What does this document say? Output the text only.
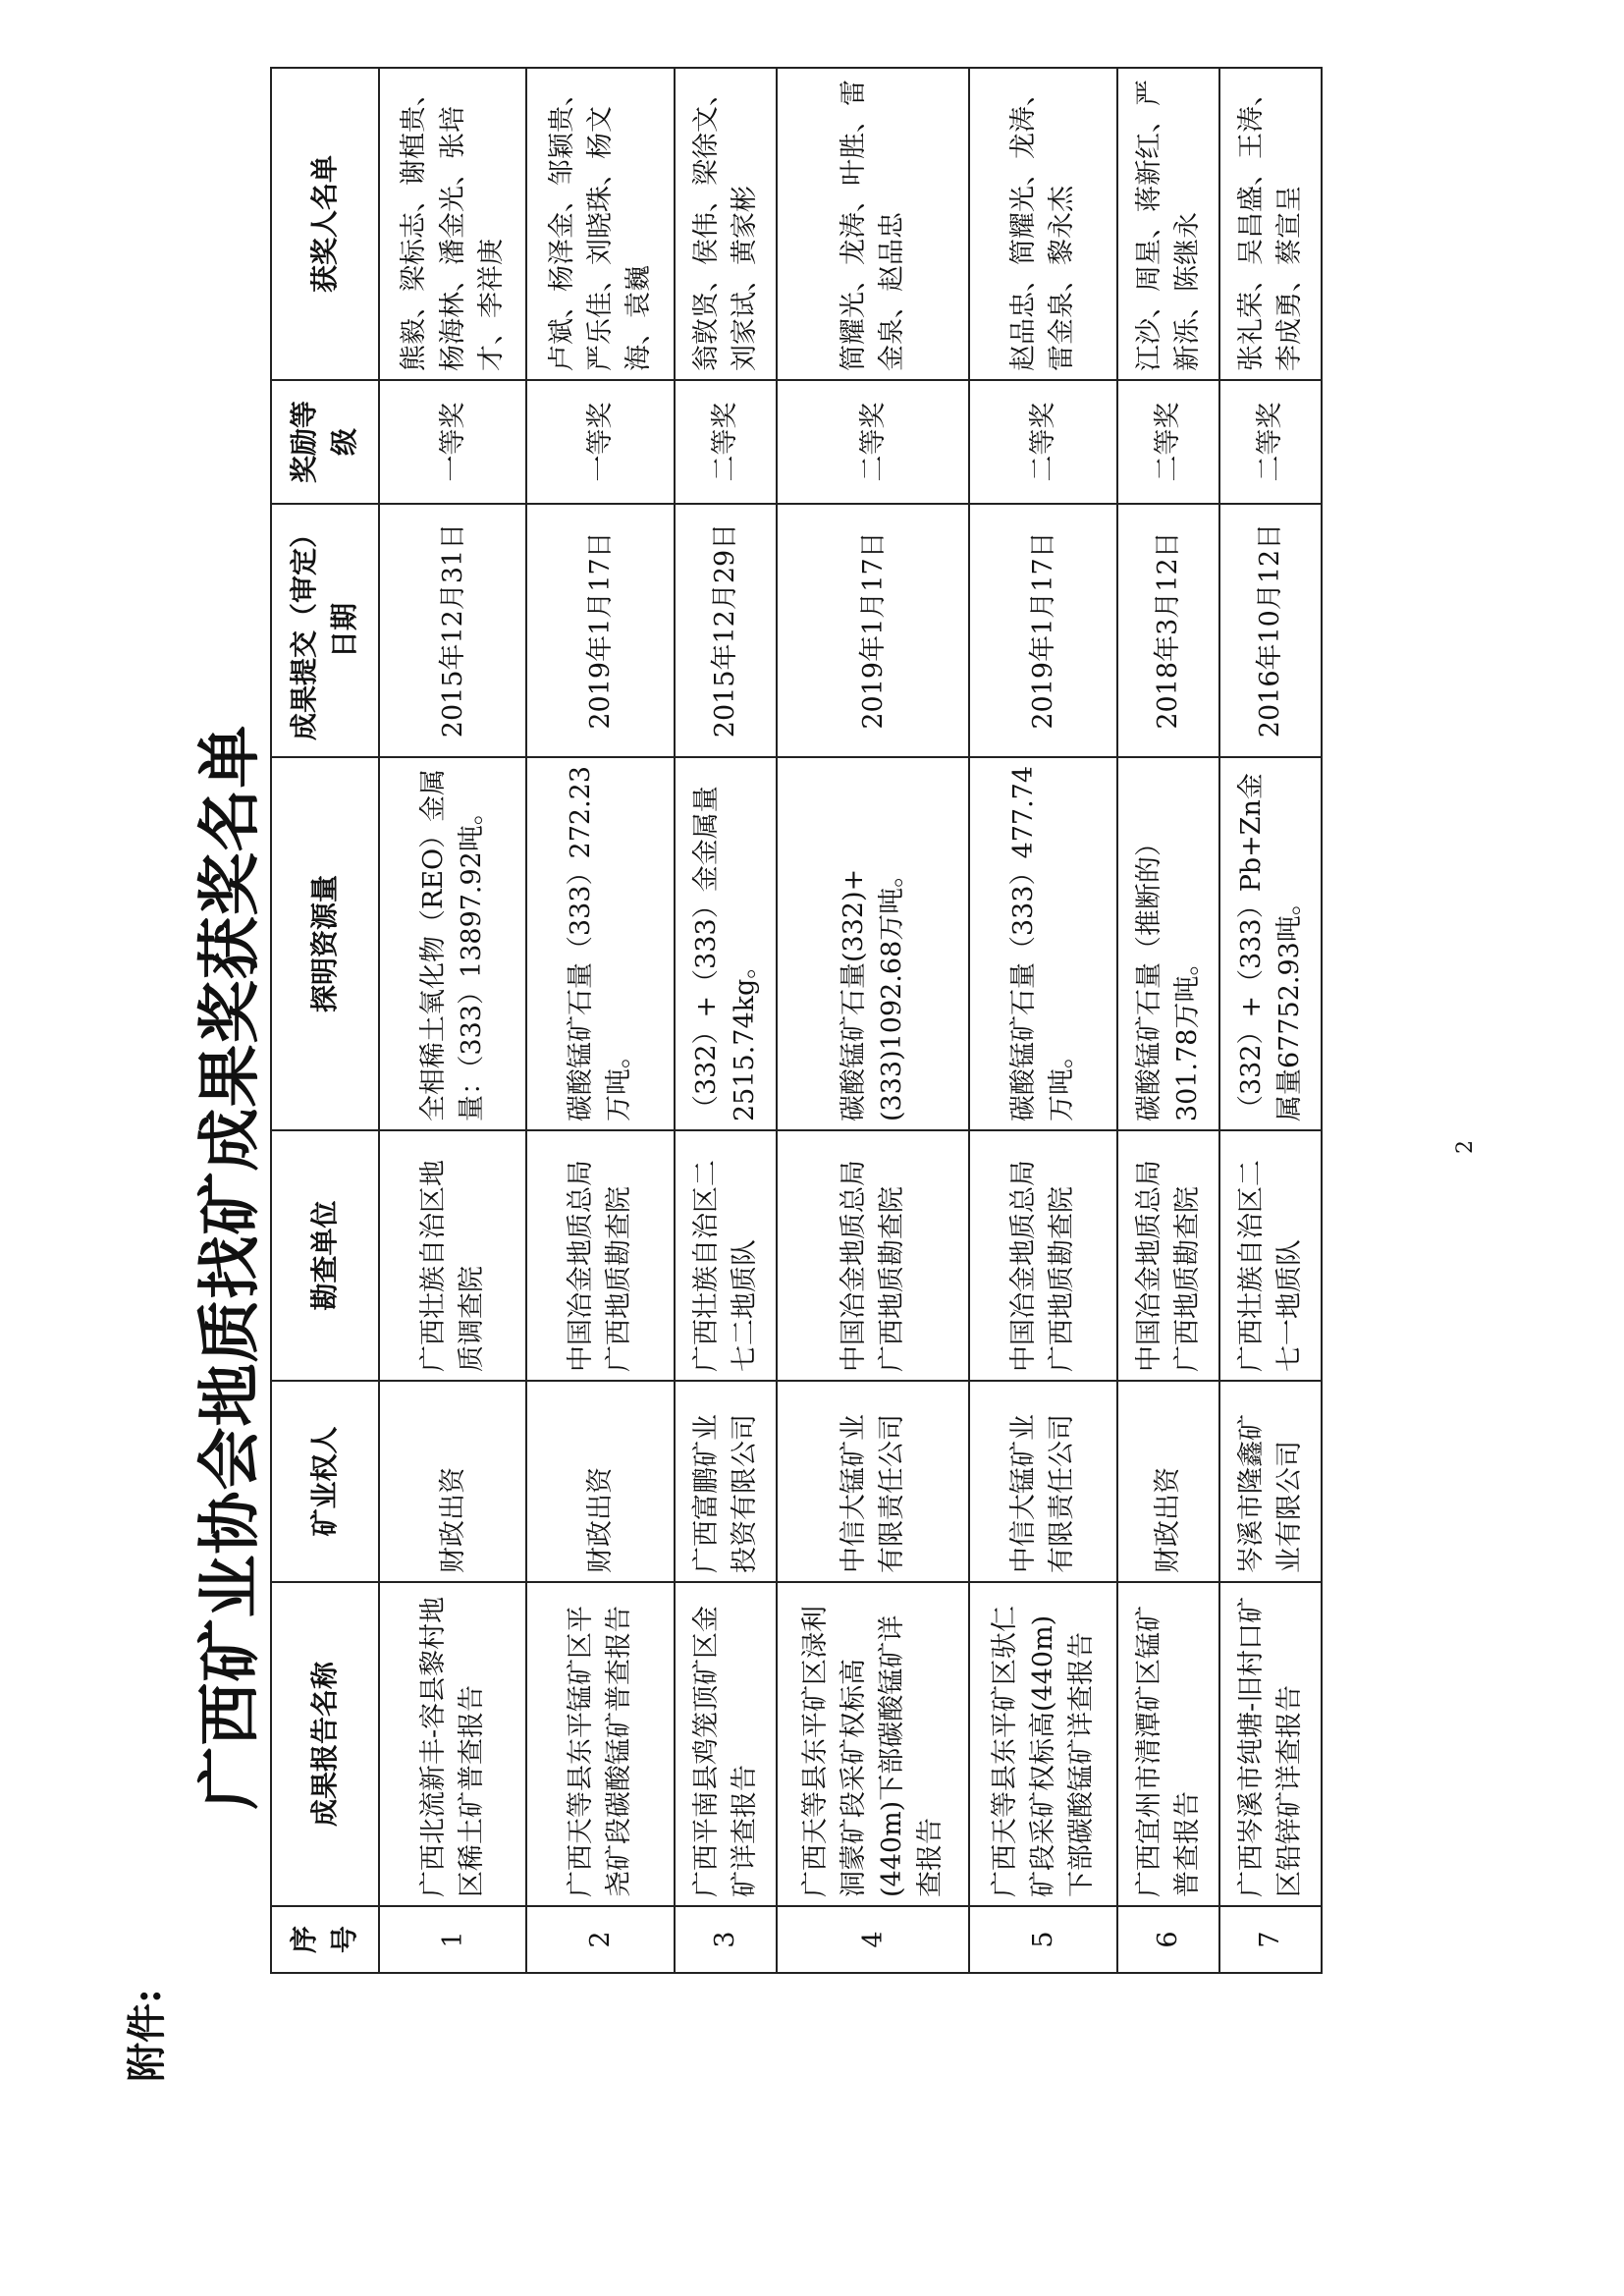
附件:
广西矿业协会地质找矿成果奖获奖名单	2
序号	成果报告名称	矿业权人	勘查单位	探明资源量	成果提交（审定）日期	奖励等级	获奖人名单
1	广西北流新丰-容县黎村地区稀土矿普查报告	财政出资	广西壮族自治区地质调查院	全相稀土氧化物（REO）金属量：（333）13897.92吨。	2015年12月31日	一等奖	熊毅、梁标志、谢植贵、杨海林、潘金光、张培才、李祥庚
2	广西天等县东平锰矿区平尧矿段碳酸锰矿普查报告	财政出资	中国冶金地质总局广西地质勘查院	碳酸锰矿石量（333）272.23万吨。	2019年1月17日	一等奖	卢斌、杨泽金、邹颖贵、严乐佳、刘晓珠、杨文海、袁巍
3	广西平南县鸡笼顶矿区金矿详查报告	广西富鹏矿业投资有限公司	广西壮族自治区二七二地质队	（332）+（333）金金属量2515.74kg。	2015年12月29日	二等奖	翁敦贤、侯伟、梁徐文、刘家试、黄家彬
4	广西天等县东平矿区渌利洞蒙矿段采矿权标高(440m)下部碳酸锰矿详查报告	中信大锰矿业有限责任公司	中国冶金地质总局广西地质勘查院	碳酸锰矿石量(332)+(333)1092.68万吨。	2019年1月17日	二等奖	简耀光、龙涛、叶胜、雷金泉、赵品忠
5	广西天等县东平矿区驮仁矿段采矿权标高(440m)下部碳酸锰矿详查报告	中信大锰矿业有限责任公司	中国冶金地质总局广西地质勘查院	碳酸锰矿石量（333）477.74万吨。	2019年1月17日	二等奖	赵品忠、简耀光、龙涛、雷金泉、黎永杰
6	广西宜州市清潭矿区锰矿普查报告	财政出资	中国冶金地质总局广西地质勘查院	碳酸锰矿石量（推断的）301.78万吨。	2018年3月12日	二等奖	江沙、周星、蒋新红、严新泺、陈继永
7	广西岑溪市纯塘-旧村口矿区铅锌矿详查报告	岑溪市隆鑫矿业有限公司	广西壮族自治区二七一地质队	（332）+（333）Pb+Zn金属量67752.93吨。	2016年10月12日	二等奖	张礼荣、吴昌盛、王涛、李成勇、蔡宣呈
